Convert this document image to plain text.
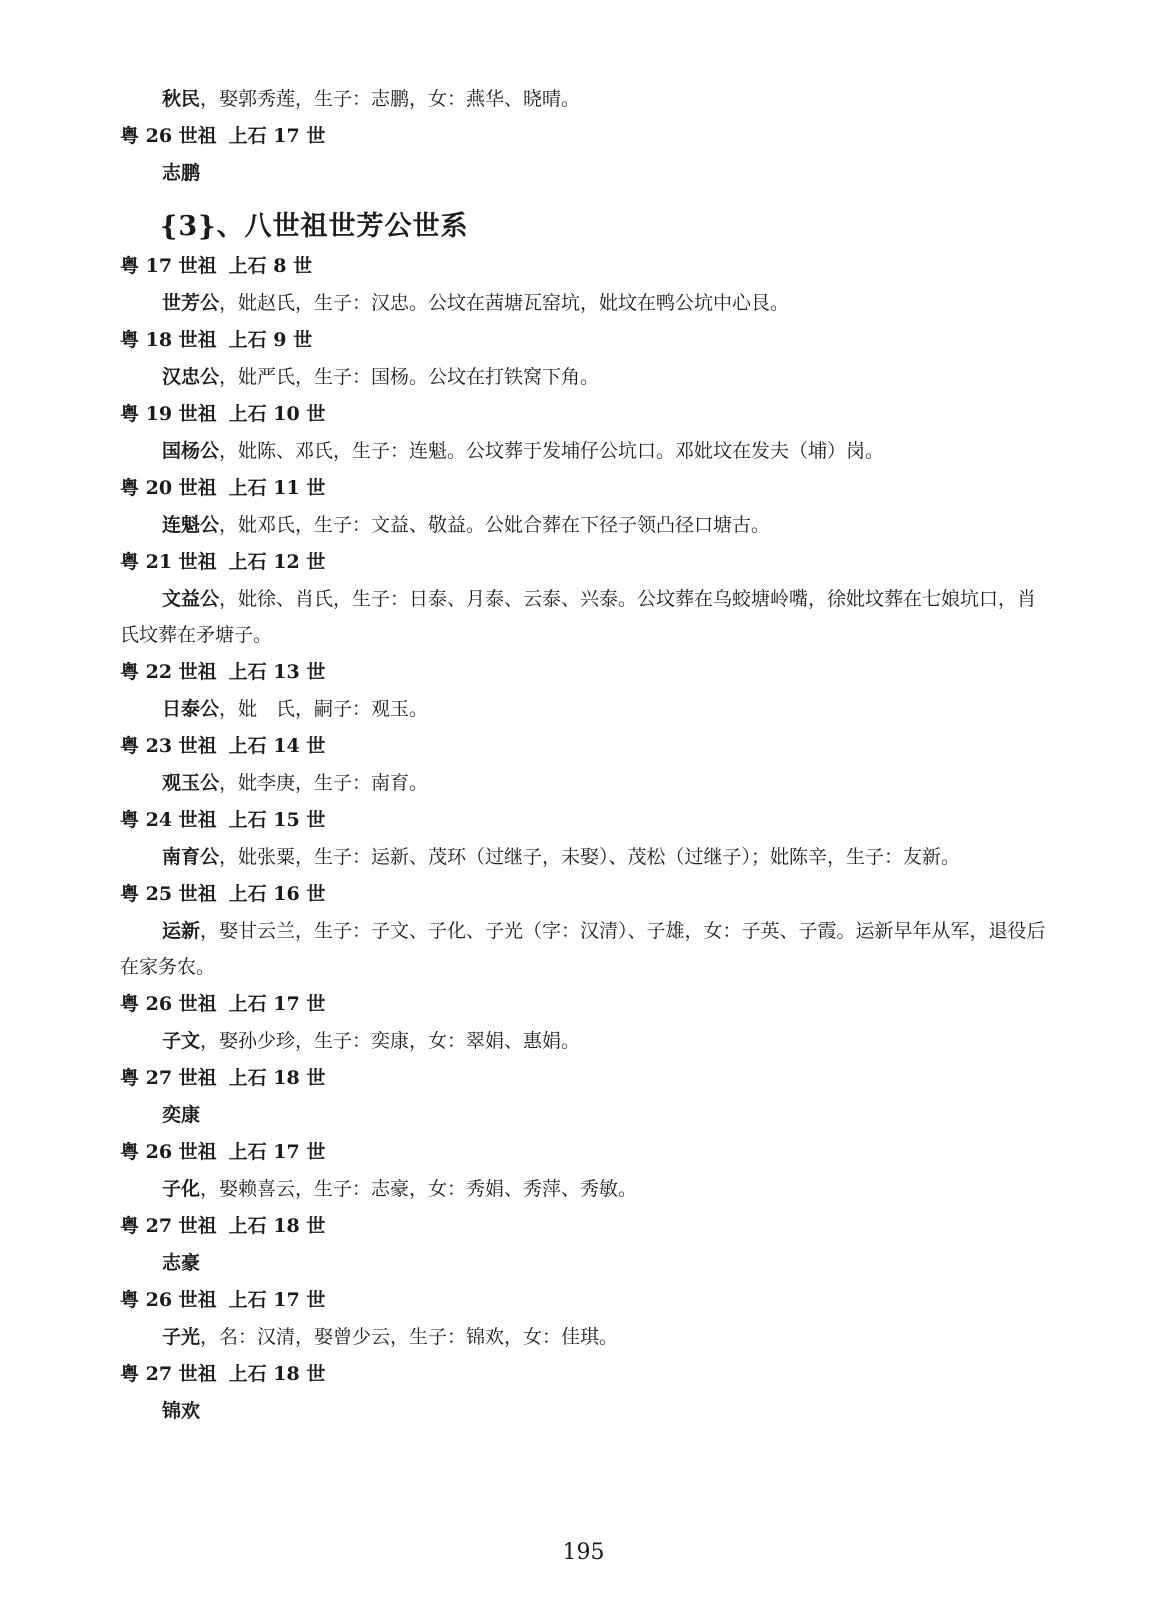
秋民，娶郭秀莲，生子：志鹏，女：燕华、晓晴。
粤 26 世祖 上石 17 世
志鹏
{3}、八世祖世芳公世系
粤 17 世祖 上石 8 世
世芳公，妣赵氏，生子：汉忠。公坟在茜塘瓦窑坑，妣坟在鸭公坑中心艮。
粤 18 世祖 上石 9 世
汉忠公，妣严氏，生子：国杨。公坟在打铁窝下角。
粤 19 世祖 上石 10 世
国杨公，妣陈、邓氏，生子：连魁。公坟葬于发埔仔公坑口。邓妣坟在发夫（埔）岗。
粤 20 世祖 上石 11 世
连魁公，妣邓氏，生子：文益、敬益。公妣合葬在下径子领凸径口塘古。
粤 21 世祖 上石 12 世
文益公，妣徐、肖氏，生子：日泰、月泰、云泰、兴泰。公坟葬在乌蛟塘岭嘴，徐妣坟葬在七娘坑口，肖氏坟葬在矛塘子。
粤 22 世祖 上石 13 世
日泰公，妣　氏，嗣子：观玉。
粤 23 世祖 上石 14 世
观玉公，妣李庚，生子：南育。
粤 24 世祖 上石 15 世
南育公，妣张粟，生子：运新、茂环（过继子，未娶）、茂松（过继子）；妣陈辛，生子：友新。
粤 25 世祖 上石 16 世
运新，娶甘云兰，生子：子文、子化、子光（字：汉清）、子雄，女：子英、子霞。运新早年从军，退役后在家务农。
粤 26 世祖 上石 17 世
子文，娶孙少珍，生子：奕康，女：翠娟、惠娟。
粤 27 世祖 上石 18 世
奕康
粤 26 世祖 上石 17 世
子化，娶赖喜云，生子：志豪，女：秀娟、秀萍、秀敏。
粤 27 世祖 上石 18 世
志豪
粤 26 世祖 上石 17 世
子光，名：汉清，娶曾少云，生子：锦欢，女：佳琪。
粤 27 世祖 上石 18 世
锦欢
195
